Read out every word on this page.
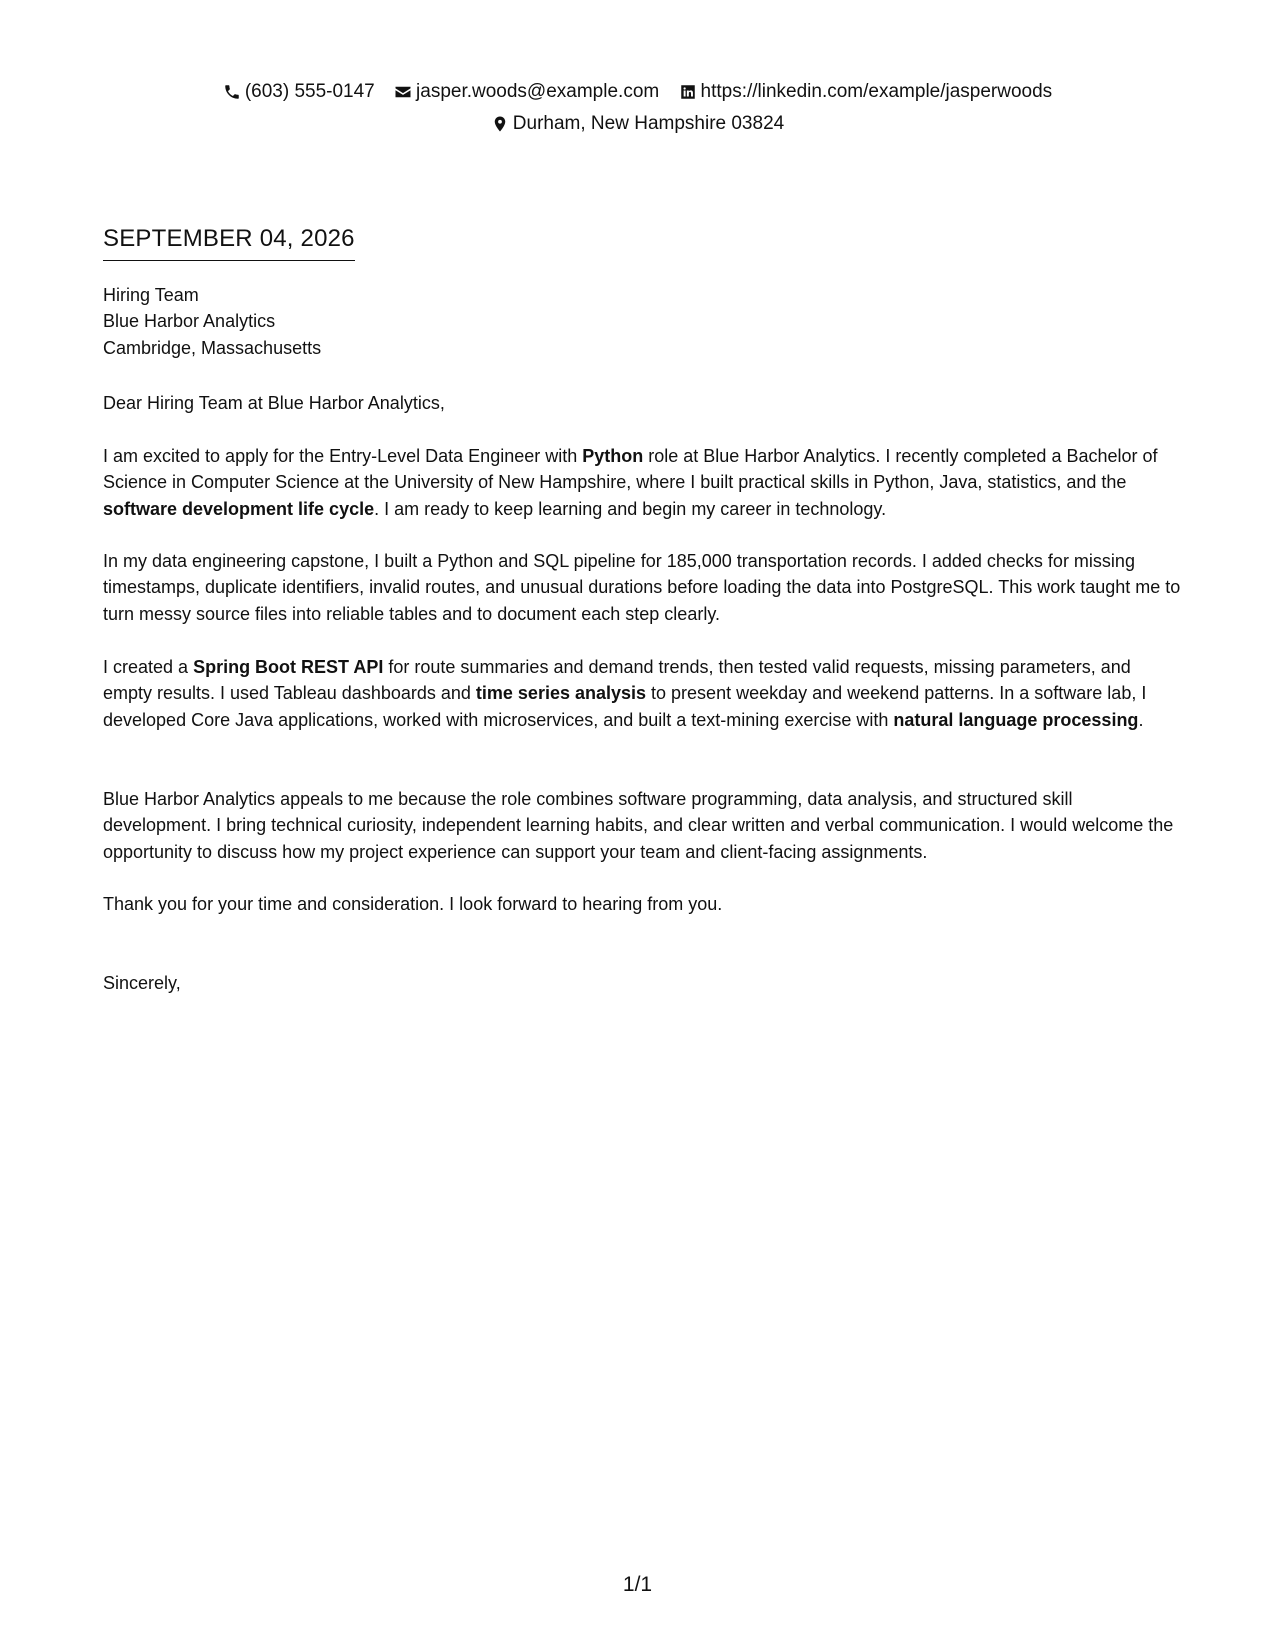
(603) 555-0147
jasper.woods@example.com
https://linkedin.com/example/jasperwoods
Durham, New Hampshire 03824
SEPTEMBER 04, 2026
Hiring Team
Blue Harbor Analytics
Cambridge, Massachusetts
Dear Hiring Team at Blue Harbor Analytics,
I am excited to apply for the Entry-Level Data Engineer with Python role at Blue Harbor Analytics. I recently completed a Bachelor of Science in Computer Science at the University of New Hampshire, where I built practical skills in Python, Java, statistics, and the software development life cycle. I am ready to keep learning and begin my career in technology.
In my data engineering capstone, I built a Python and SQL pipeline for 185,000 transportation records. I added checks for missing timestamps, duplicate identifiers, invalid routes, and unusual durations before loading the data into PostgreSQL. This work taught me to turn messy source files into reliable tables and to document each step clearly.
I created a Spring Boot REST API for route summaries and demand trends, then tested valid requests, missing parameters, and empty results. I used Tableau dashboards and time series analysis to present weekday and weekend patterns. In a software lab, I developed Core Java applications, worked with microservices, and built a text-mining exercise with natural language processing.
Blue Harbor Analytics appeals to me because the role combines software programming, data analysis, and structured skill development. I bring technical curiosity, independent learning habits, and clear written and verbal communication. I would welcome the opportunity to discuss how my project experience can support your team and client-facing assignments.
Thank you for your time and consideration. I look forward to hearing from you.
Sincerely,
1/1
